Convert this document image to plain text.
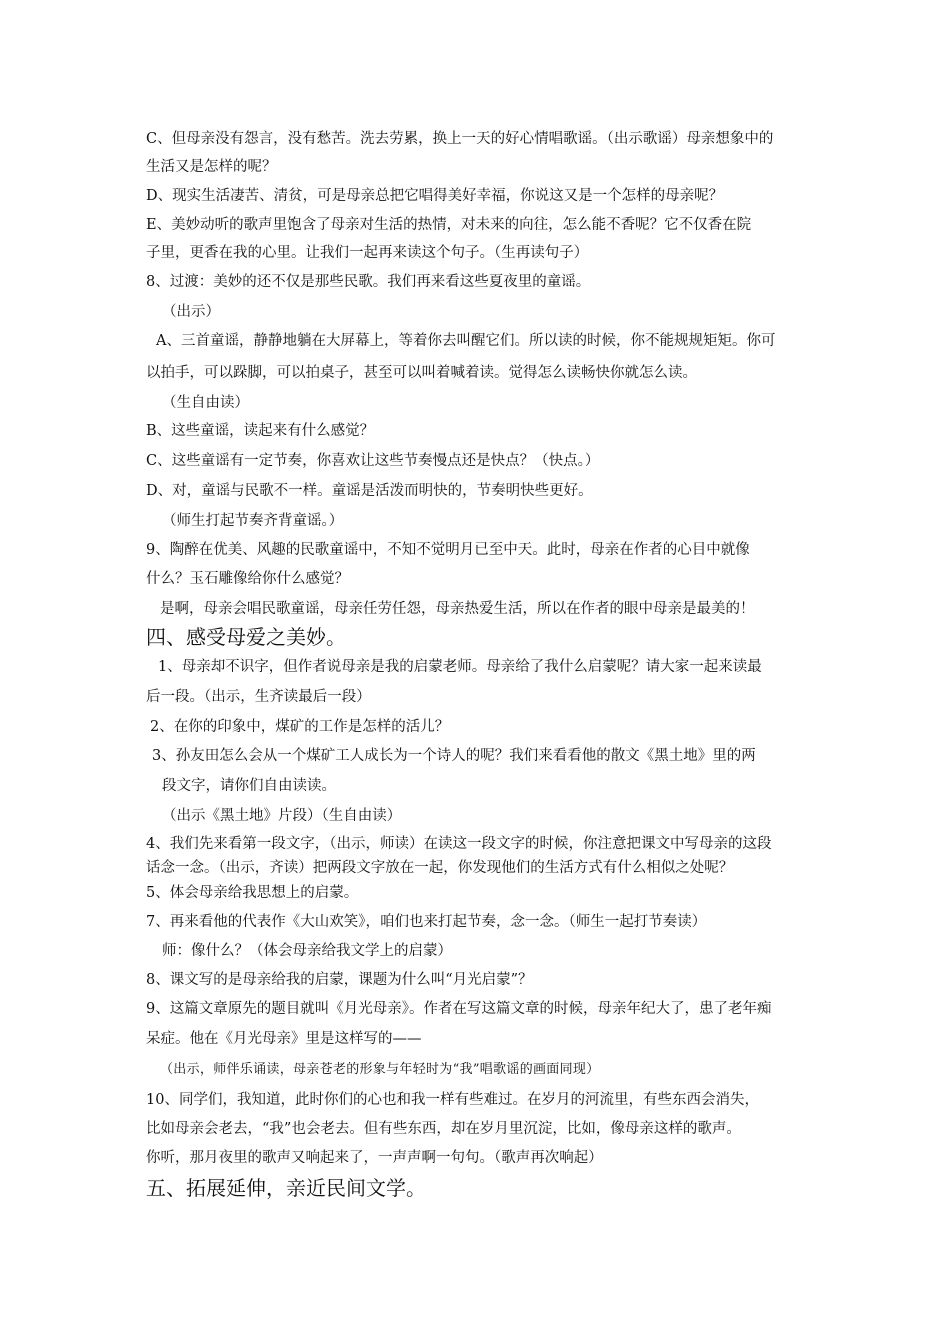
C、但母亲没有怨言，没有愁苦。洗去劳累，换上一天的好心情唱歌谣。（出示歌谣）母亲想象中的
生活又是怎样的呢？
D、现实生活凄苦、清贫，可是母亲总把它唱得美好幸福，你说这又是一个怎样的母亲呢？
E、美妙动听的歌声里饱含了母亲对生活的热情，对未来的向往，怎么能不香呢？它不仅香在院
子里，更香在我的心里。让我们一起再来读这个句子。（生再读句子）
8、过渡：美妙的还不仅是那些民歌。我们再来看这些夏夜里的童谣。
（出示）
A、三首童谣，静静地躺在大屏幕上，等着你去叫醒它们。所以读的时候，你不能规规矩矩。你可
以拍手，可以跺脚，可以拍桌子，甚至可以叫着喊着读。觉得怎么读畅快你就怎么读。
（生自由读）
B、这些童谣，读起来有什么感觉？
C、这些童谣有一定节奏，你喜欢让这些节奏慢点还是快点？（快点。）
D、对，童谣与民歌不一样。童谣是活泼而明快的，节奏明快些更好。
（师生打起节奏齐背童谣。）
9、陶醉在优美、风趣的民歌童谣中，不知不觉明月已至中天。此时，母亲在作者的心目中就像
什么？玉石雕像给你什么感觉？
是啊，母亲会唱民歌童谣，母亲任劳任怨，母亲热爱生活，所以在作者的眼中母亲是最美的！
四、感受母爱之美妙。
1、母亲却不识字，但作者说母亲是我的启蒙老师。母亲给了我什么启蒙呢？请大家一起来读最
后一段。（出示，生齐读最后一段）
2、在你的印象中，煤矿的工作是怎样的活儿？
3、孙友田怎么会从一个煤矿工人成长为一个诗人的呢？我们来看看他的散文《黑土地》里的两
段文字，请你们自由读读。
（出示《黑土地》片段）（生自由读）
4、我们先来看第一段文字，（出示，师读）在读这一段文字的时候，你注意把课文中写母亲的这段
话念一念。（出示，齐读）把两段文字放在一起，你发现他们的生活方式有什么相似之处呢？
5、体会母亲给我思想上的启蒙。
7、再来看他的代表作《大山欢笑》，咱们也来打起节奏，念一念。（师生一起打节奏读）
师：像什么？（体会母亲给我文学上的启蒙）
8、课文写的是母亲给我的启蒙，课题为什么叫“月光启蒙”？
9、这篇文章原先的题目就叫《月光母亲》。作者在写这篇文章的时候，母亲年纪大了，患了老年痴
呆症。他在《月光母亲》里是这样写的——
（出示，师伴乐诵读，母亲苍老的形象与年轻时为“我”唱歌谣的画面同现）
10、同学们，我知道，此时你们的心也和我一样有些难过。在岁月的河流里，有些东西会消失，
比如母亲会老去，“我”也会老去。但有些东西，却在岁月里沉淀，比如，像母亲这样的歌声。
你听，那月夜里的歌声又响起来了，一声声啊一句句。（歌声再次响起）
五、拓展延伸，亲近民间文学。
